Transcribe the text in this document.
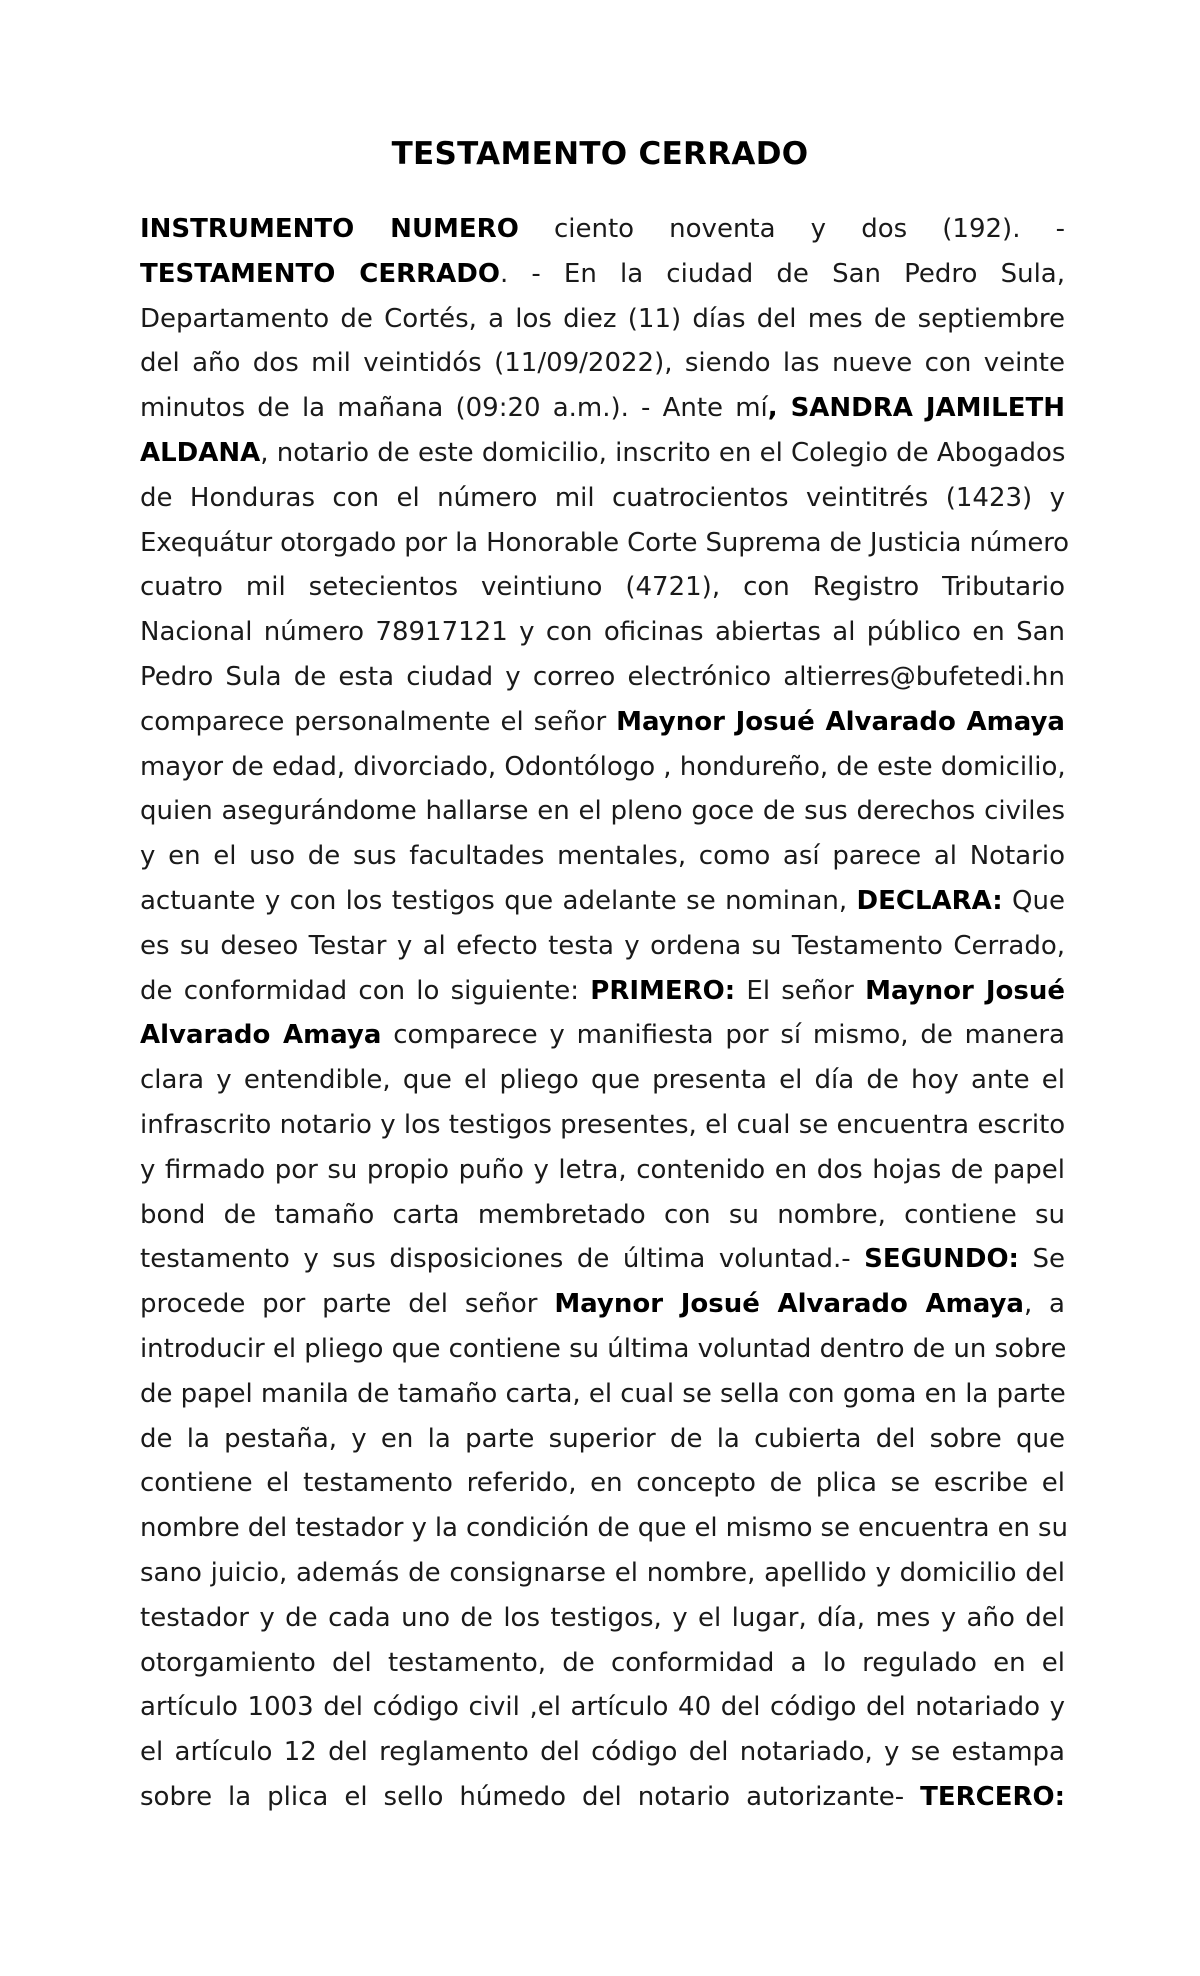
TESTAMENTO CERRADO
INSTRUMENTO NUMERO ciento noventa y dos (192). -
TESTAMENTO CERRADO. - En la ciudad de San Pedro Sula,
Departamento de Cortés, a los diez (11) días del mes de septiembre
del año dos mil veintidós (11/09/2022), siendo las nueve con veinte
minutos de la mañana (09:20 a.m.). - Ante mí, SANDRA JAMILETH
ALDANA, notario de este domicilio, inscrito en el Colegio de Abogados
de Honduras con el número mil cuatrocientos veintitrés (1423) y
Exequátur otorgado por la Honorable Corte Suprema de Justicia número
cuatro mil setecientos veintiuno (4721), con Registro Tributario
Nacional número 78917121 y con oficinas abiertas al público en San
Pedro Sula de esta ciudad y correo electrónico altierres@bufetedi.hn
comparece personalmente el señor Maynor Josué Alvarado Amaya
mayor de edad, divorciado, Odontólogo , hondureño, de este domicilio,
quien asegurándome hallarse en el pleno goce de sus derechos civiles
y en el uso de sus facultades mentales, como así parece al Notario
actuante y con los testigos que adelante se nominan, DECLARA: Que
es su deseo Testar y al efecto testa y ordena su Testamento Cerrado,
de conformidad con lo siguiente: PRIMERO: El señor Maynor Josué
Alvarado Amaya comparece y manifiesta por sí mismo, de manera
clara y entendible, que el pliego que presenta el día de hoy ante el
infrascrito notario y los testigos presentes, el cual se encuentra escrito
y firmado por su propio puño y letra, contenido en dos hojas de papel
bond de tamaño carta membretado con su nombre, contiene su
testamento y sus disposiciones de última voluntad.- SEGUNDO: Se
procede por parte del señor Maynor Josué Alvarado Amaya, a
introducir el pliego que contiene su última voluntad dentro de un sobre
de papel manila de tamaño carta, el cual se sella con goma en la parte
de la pestaña, y en la parte superior de la cubierta del sobre que
contiene el testamento referido, en concepto de plica se escribe el
nombre del testador y la condición de que el mismo se encuentra en su
sano juicio, además de consignarse el nombre, apellido y domicilio del
testador y de cada uno de los testigos, y el lugar, día, mes y año del
otorgamiento del testamento, de conformidad a lo regulado en el
artículo 1003 del código civil ,el artículo 40 del código del notariado y
el artículo 12 del reglamento del código del notariado, y se estampa
sobre la plica el sello húmedo del notario autorizante- TERCERO:
